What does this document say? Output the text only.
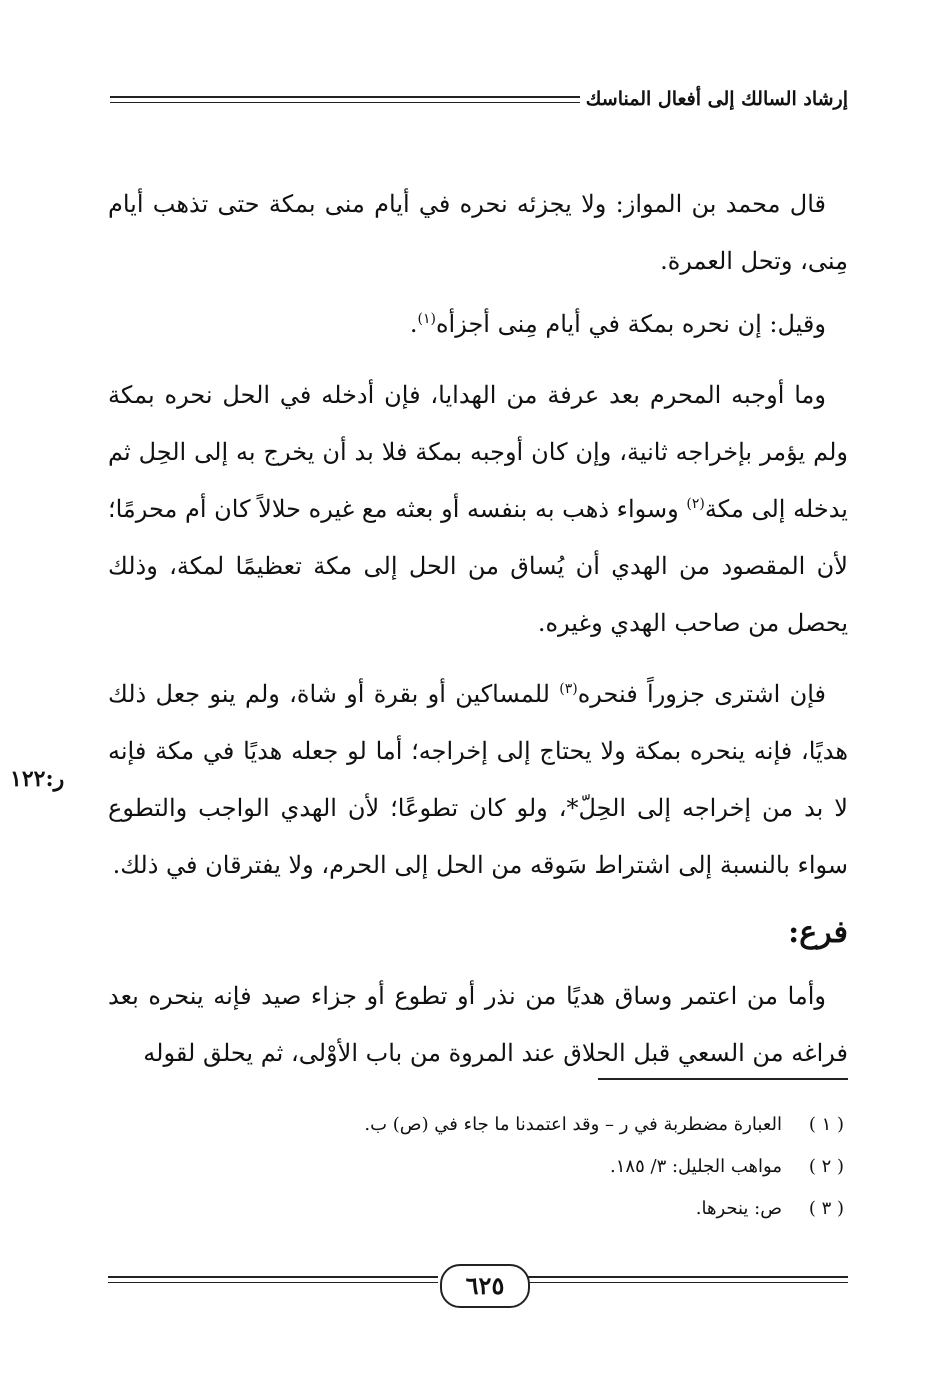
إرشاد السالك إلى أفعال المناسك

قال محمد بن المواز: ولا يجزئه نحره في أيام منى بمكة حتى تذهب أيام مِنى، وتحل العمرة.

وقيل: إن نحره بمكة في أيام مِنى أجزأه$^{(١)}$.

وما أوجبه المحرم بعد عرفة من الهدايا، فإن أدخله في الحل نحره بمكة ولم يؤمر بإخراجه ثانية، وإن كان أوجبه بمكة فلا بد أن يخرج به إلى الحِل ثم يدخله إلى مكة$^{(٢)}$ وسواء ذهب به بنفسه أو بعثه مع غيره حلالاً كان أم محرمًا؛ لأن المقصود من الهدي أن يُساق من الحل إلى مكة تعظيمًا لمكة، وذلك يحصل من صاحب الهدي وغيره.

فإن اشترى جزوراً فنحره$^{(٣)}$ للمساكين أو بقرة أو شاة، ولم ينو جعل ذلك هديًا، فإنه ينحره بمكة ولا يحتاج إلى إخراجه؛ أما لو جعله هديًا في مكة فإنه لا بد من إخراجه إلى الحِلّ*، ولو كان تطوعًا؛ لأن الهدي الواجب والتطوع سواء بالنسبة إلى اشتراط سَوقه من الحل إلى الحرم، ولا يفترقان في ذلك.

فرع:

وأما من اعتمر وساق هديًا من نذر أو تطوع أو جزاء صيد فإنه ينحره بعد فراغه من السعي قبل الحلاق عند المروة من باب الأوْلى، ثم يحلق لقوله

ر:١٢٢
( ١ )
العبارة مضطربة في ر – وقد اعتمدنا ما جاء في (ص) ب.
( ٢ )
مواهب الجليل: ٣/ ١٨٥.
( ٣ )
ص: ينحرها.
٦٢٥
